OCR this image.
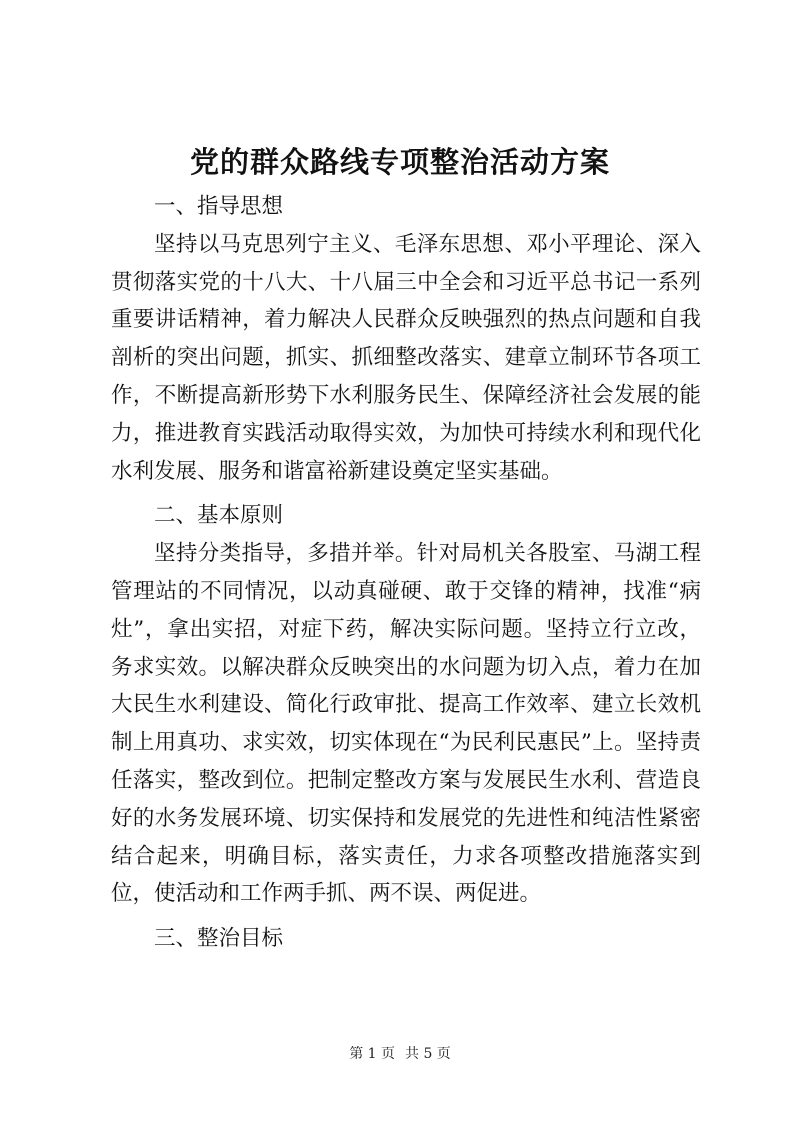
党的群众路线专项整治活动方案

一、指导思想

坚持以马克思列宁主义、毛泽东思想、邓小平理论、深入贯彻落实党的十八大、十八届三中全会和习近平总书记一系列重要讲话精神，着力解决人民群众反映强烈的热点问题和自我剖析的突出问题，抓实、抓细整改落实、建章立制环节各项工作，不断提高新形势下水利服务民生、保障经济社会发展的能力，推进教育实践活动取得实效，为加快可持续水利和现代化水利发展、服务和谐富裕新建设奠定坚实基础。

二、基本原则

坚持分类指导，多措并举。针对局机关各股室、马湖工程管理站的不同情况，以动真碰硬、敢于交锋的精神，找准“病灶”，拿出实招，对症下药，解决实际问题。坚持立行立改，务求实效。以解决群众反映突出的水问题为切入点，着力在加大民生水利建设、简化行政审批、提高工作效率、建立长效机制上用真功、求实效，切实体现在“为民利民惠民”上。坚持责任落实，整改到位。把制定整改方案与发展民生水利、营造良好的水务发展环境、切实保持和发展党的先进性和纯洁性紧密结合起来，明确目标，落实责任，力求各项整改措施落实到位，使活动和工作两手抓、两不误、两促进。

三、整治目标

第 1 页 共 5 页
